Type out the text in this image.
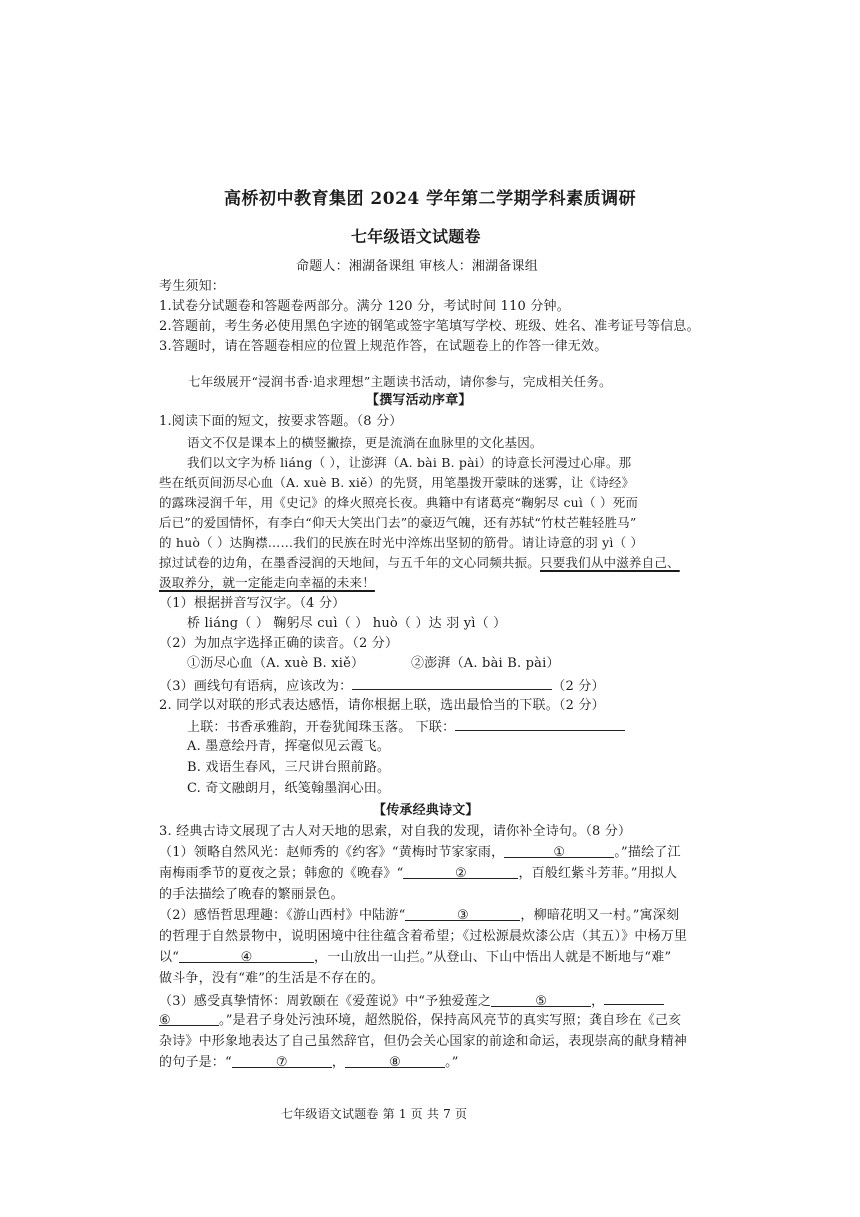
高桥初中教育集团 2024 学年第二学期学科素质调研
七年级语文试题卷
命题人：湘湖备课组 审核人：湘湖备课组
考生须知：
1.试卷分试题卷和答题卷两部分。满分 120 分，考试时间 110 分钟。
2.答题前，考生务必使用黑色字迹的钢笔或签字笔填写学校、班级、姓名、准考证号等信息。
3.答题时，请在答题卷相应的位置上规范作答，在试题卷上的作答一律无效。
七年级展开“浸润书香·追求理想”主题读书活动，请你参与，完成相关任务。
【撰写活动序章】
1.阅读下面的短文，按要求答题。（8 分）
语文不仅是课本上的横竖撇捺，更是流淌在血脉里的文化基因。
我们以文字为桥 liáng（ ），让澎湃（A. bài B. pài）的诗意长河漫过心扉。那
些在纸页间沥尽心血（A. xuè B. xiě）的先贤，用笔墨拨开蒙昧的迷雾，让《诗经》
的露珠浸润千年，用《史记》的烽火照亮长夜。典籍中有诸葛亮“鞠躬尽 cuì（ ）死而
后已”的爱国情怀，有李白“仰天大笑出门去”的豪迈气魄，还有苏轼“竹杖芒鞋轻胜马”
的 huò（ ）达胸襟……我们的民族在时光中淬炼出坚韧的筋骨。请让诗意的羽 yì（ ）
掠过试卷的边角，在墨香浸润的天地间，与五千年的文心同频共振。只要我们从中滋养自己、
汲取养分，就一定能走向幸福的未来！
（1）根据拼音写汉字。（4 分）
桥 liáng（ ） 鞠躬尽 cuì（ ） huò（ ）达 羽 yì（ ）
（2）为加点字选择正确的读音。（2 分）
①沥尽心血（A. xuè B. xiě）	②澎湃（A. bài B. pài）
（3）画线句有语病，应该改为：	（2 分）
2. 同学以对联的形式表达感悟，请你根据上联，选出最恰当的下联。（2 分）
上联：书香承雅韵，开卷犹闻珠玉落。 下联：
A. 墨意绘丹青，挥毫似见云霞飞。
B. 戏语生春风，三尺讲台照前路。
C. 奇文融朗月，纸笺翰墨润心田。
【传承经典诗文】
3. 经典古诗文展现了古人对天地的思索，对自我的发现，请你补全诗句。（8 分）
（1）领略自然风光：赵师秀的《约客》“黄梅时节家家雨，	①	。”描绘了江
南梅雨季节的夏夜之景；韩愈的《晚春》“	②	，百般红紫斗芳菲。”用拟人
的手法描绘了晚春的繁丽景色。
（2）感悟哲思理趣：《游山西村》中陆游“	③	，柳暗花明又一村。”寓深刻
的哲理于自然景物中，说明困境中往往蕴含着希望；《过松源晨炊漆公店（其五）》中杨万里
以“	④	，一山放出一山拦。”从登山、下山中悟出人就是不断地与“难”
做斗争，没有“难”的生活是不存在的。
（3）感受真挚情怀：周敦颐在《爱莲说》中“予独爱莲之	⑤	，
⑥	。”是君子身处污浊环境，超然脱俗，保持高风亮节的真实写照；龚自珍在《己亥
杂诗》中形象地表达了自己虽然辞官，但仍会关心国家的前途和命运，表现崇高的献身精神
的句子是：“	⑦	，	⑧	。”
七年级语文试题卷 第 1 页 共 7 页
